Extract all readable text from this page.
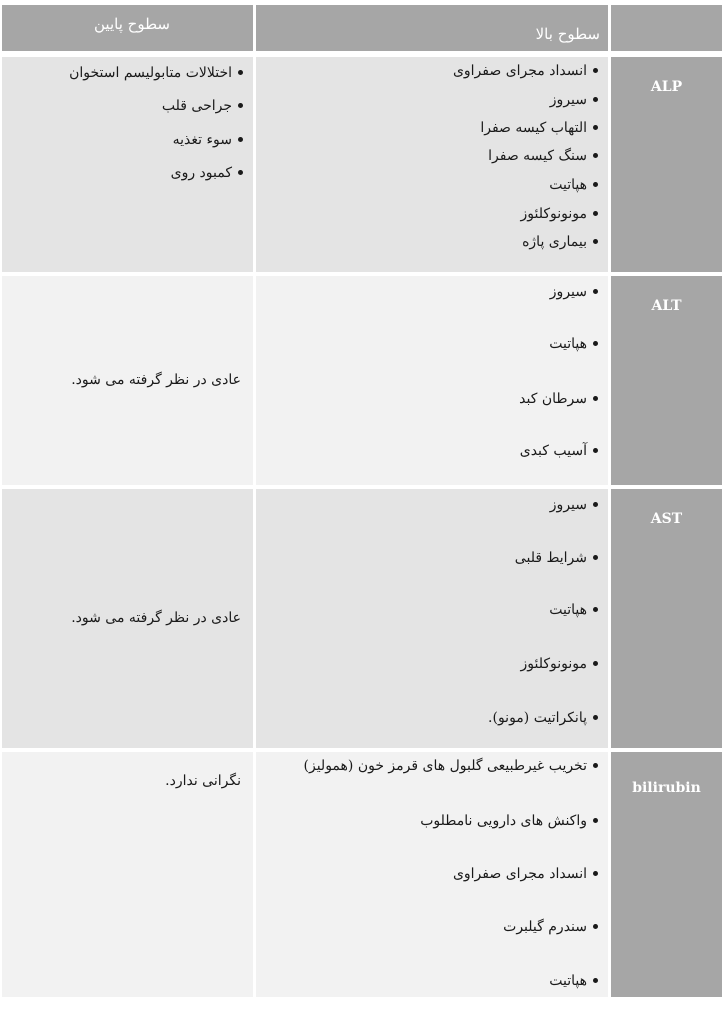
سطوح پایین
سطوح بالا
ALP
انسداد مجرای صفراوی
سیروز
التهاب کیسه صفرا
سنگ کیسه صفرا
هپاتیت
مونونوکلئوز
بیماری پاژه
اختلالات متابولیسم استخوان
جراحی قلب
سوء تغذیه
کمبود روی
ALT
سیروز
هپاتیت
سرطان کبد
آسیب کبدی
عادی در نظر گرفته می شود.
AST
سیروز
شرایط قلبی
هپاتیت
مونونوکلئوز
پانکراتیت (مونو).
عادی در نظر گرفته می شود.
bilirubin
تخریب غیرطبیعی گلبول های قرمز خون (همولیز)
واکنش های دارویی نامطلوب
انسداد مجرای صفراوی
سندرم گیلبرت
هپاتیت
نگرانی ندارد.
